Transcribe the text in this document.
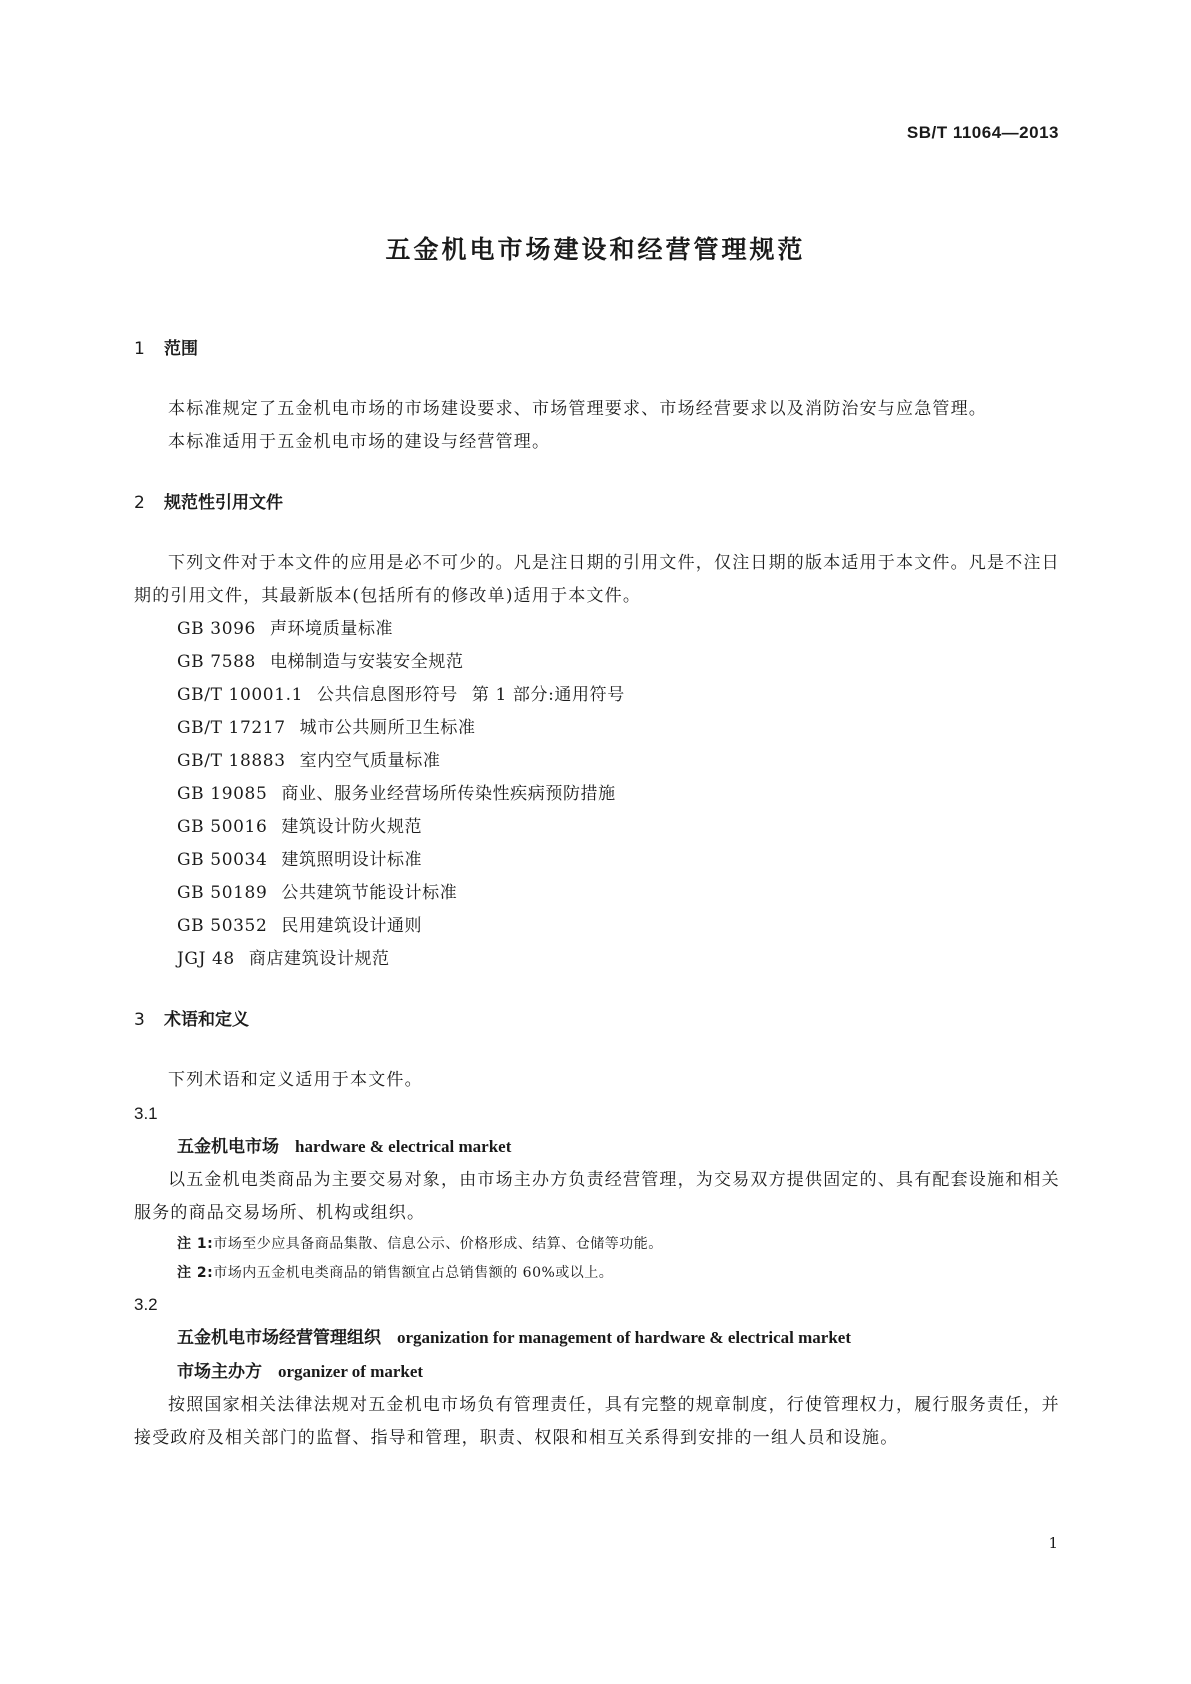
SB/T 11064—2013
五金机电市场建设和经营管理规范
1 范围

本标准规定了五金机电市场的市场建设要求、市场管理要求、市场经营要求以及消防治安与应急管理。

本标准适用于五金机电市场的建设与经营管理。

2 规范性引用文件

下列文件对于本文件的应用是必不可少的。凡是注日期的引用文件，仅注日期的版本适用于本文件。凡是不注日期的引用文件，其最新版本(包括所有的修改单)适用于本文件。

GB 3096 声环境质量标准
GB 7588 电梯制造与安装安全规范
GB/T 10001.1 公共信息图形符号 第 1 部分:通用符号
GB/T 17217 城市公共厕所卫生标准
GB/T 18883 室内空气质量标准
GB 19085 商业、服务业经营场所传染性疾病预防措施
GB 50016 建筑设计防火规范
GB 50034 建筑照明设计标准
GB 50189 公共建筑节能设计标准
GB 50352 民用建筑设计通则
JGJ 48 商店建筑设计规范
3 术语和定义

下列术语和定义适用于本文件。

3.1

五金机电市场 hardware & electrical market

以五金机电类商品为主要交易对象，由市场主办方负责经营管理，为交易双方提供固定的、具有配套设施和相关服务的商品交易场所、机构或组织。

注 1:市场至少应具备商品集散、信息公示、价格形成、结算、仓储等功能。

注 2:市场内五金机电类商品的销售额宜占总销售额的 60%或以上。

3.2

五金机电市场经营管理组织 organization for management of hardware & electrical market

市场主办方 organizer of market

按照国家相关法律法规对五金机电市场负有管理责任，具有完整的规章制度，行使管理权力，履行服务责任，并接受政府及相关部门的监督、指导和管理，职责、权限和相互关系得到安排的一组人员和设施。

1
